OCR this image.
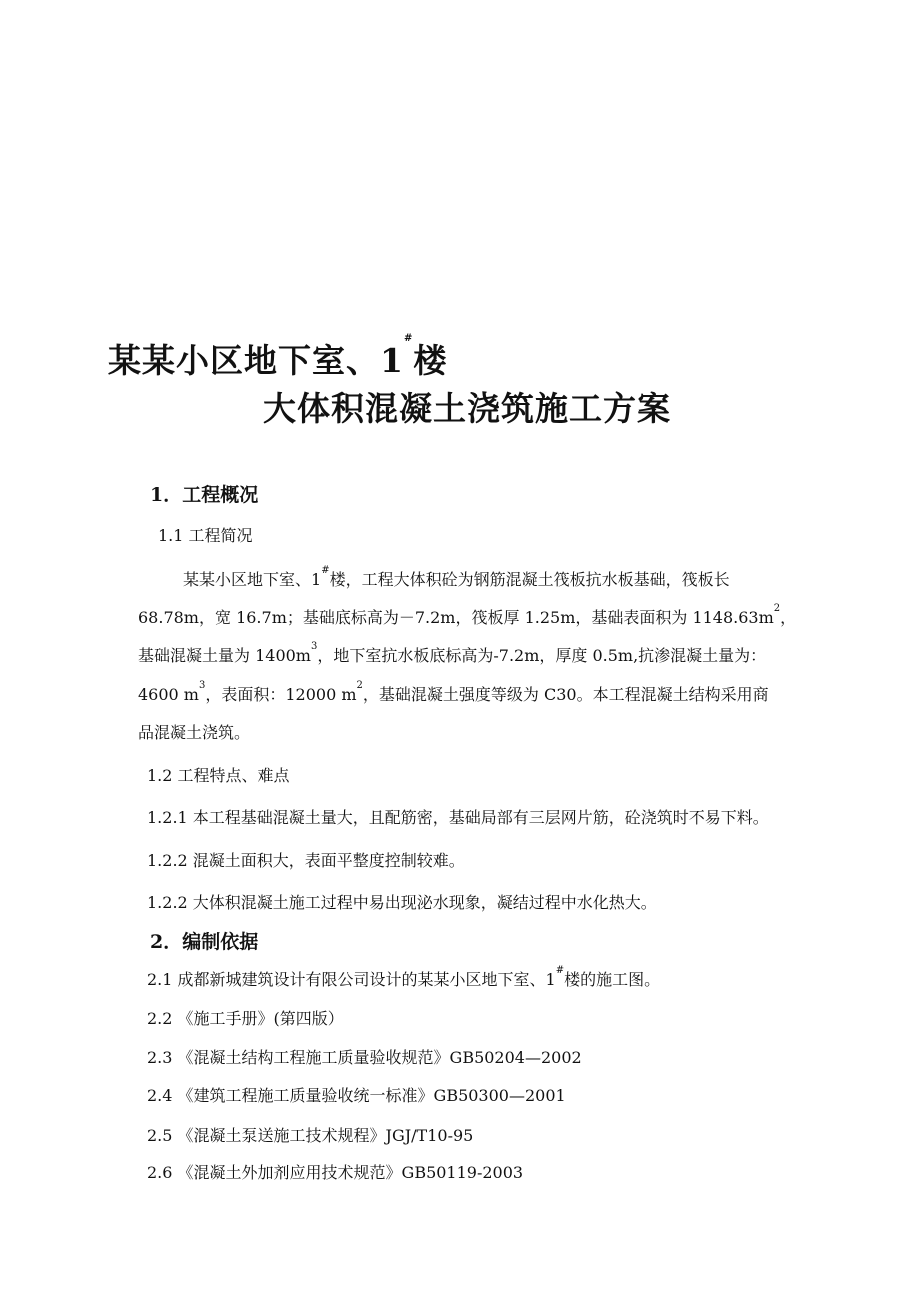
某某小区地下室、1#楼
大体积混凝土浇筑施工方案
1．工程概况
1.1 工程简况
某某小区地下室、1#楼，工程大体积砼为钢筋混凝土筏板抗水板基础，筏板长
68.78m，宽 16.7m；基础底标高为－7.2m，筏板厚 1.25m，基础表面积为 $1148.63m^2$，
基础混凝土量为 $1400m^3$，地下室抗水板底标高为-7.2m，厚度 0.5m,抗渗混凝土量为：
4600 $m^3$，表面积：12000 $m^2$，基础混凝土强度等级为 C30。本工程混凝土结构采用商
品混凝土浇筑。
1.2 工程特点、难点
1.2.1 本工程基础混凝土量大，且配筋密，基础局部有三层网片筋，砼浇筑时不易下料。
1.2.2 混凝土面积大，表面平整度控制较难。
1.2.2 大体积混凝土施工过程中易出现泌水现象，凝结过程中水化热大。
2．编制依据
2.1 成都新城建筑设计有限公司设计的某某小区地下室、1#楼的施工图。
2.2 《施工手册》(第四版）
2.3 《混凝土结构工程施工质量验收规范》GB50204—2002
2.4 《建筑工程施工质量验收统一标准》GB50300—2001
2.5 《混凝土泵送施工技术规程》JGJ/T10-95
2.6 《混凝土外加剂应用技术规范》GB50119-2003
